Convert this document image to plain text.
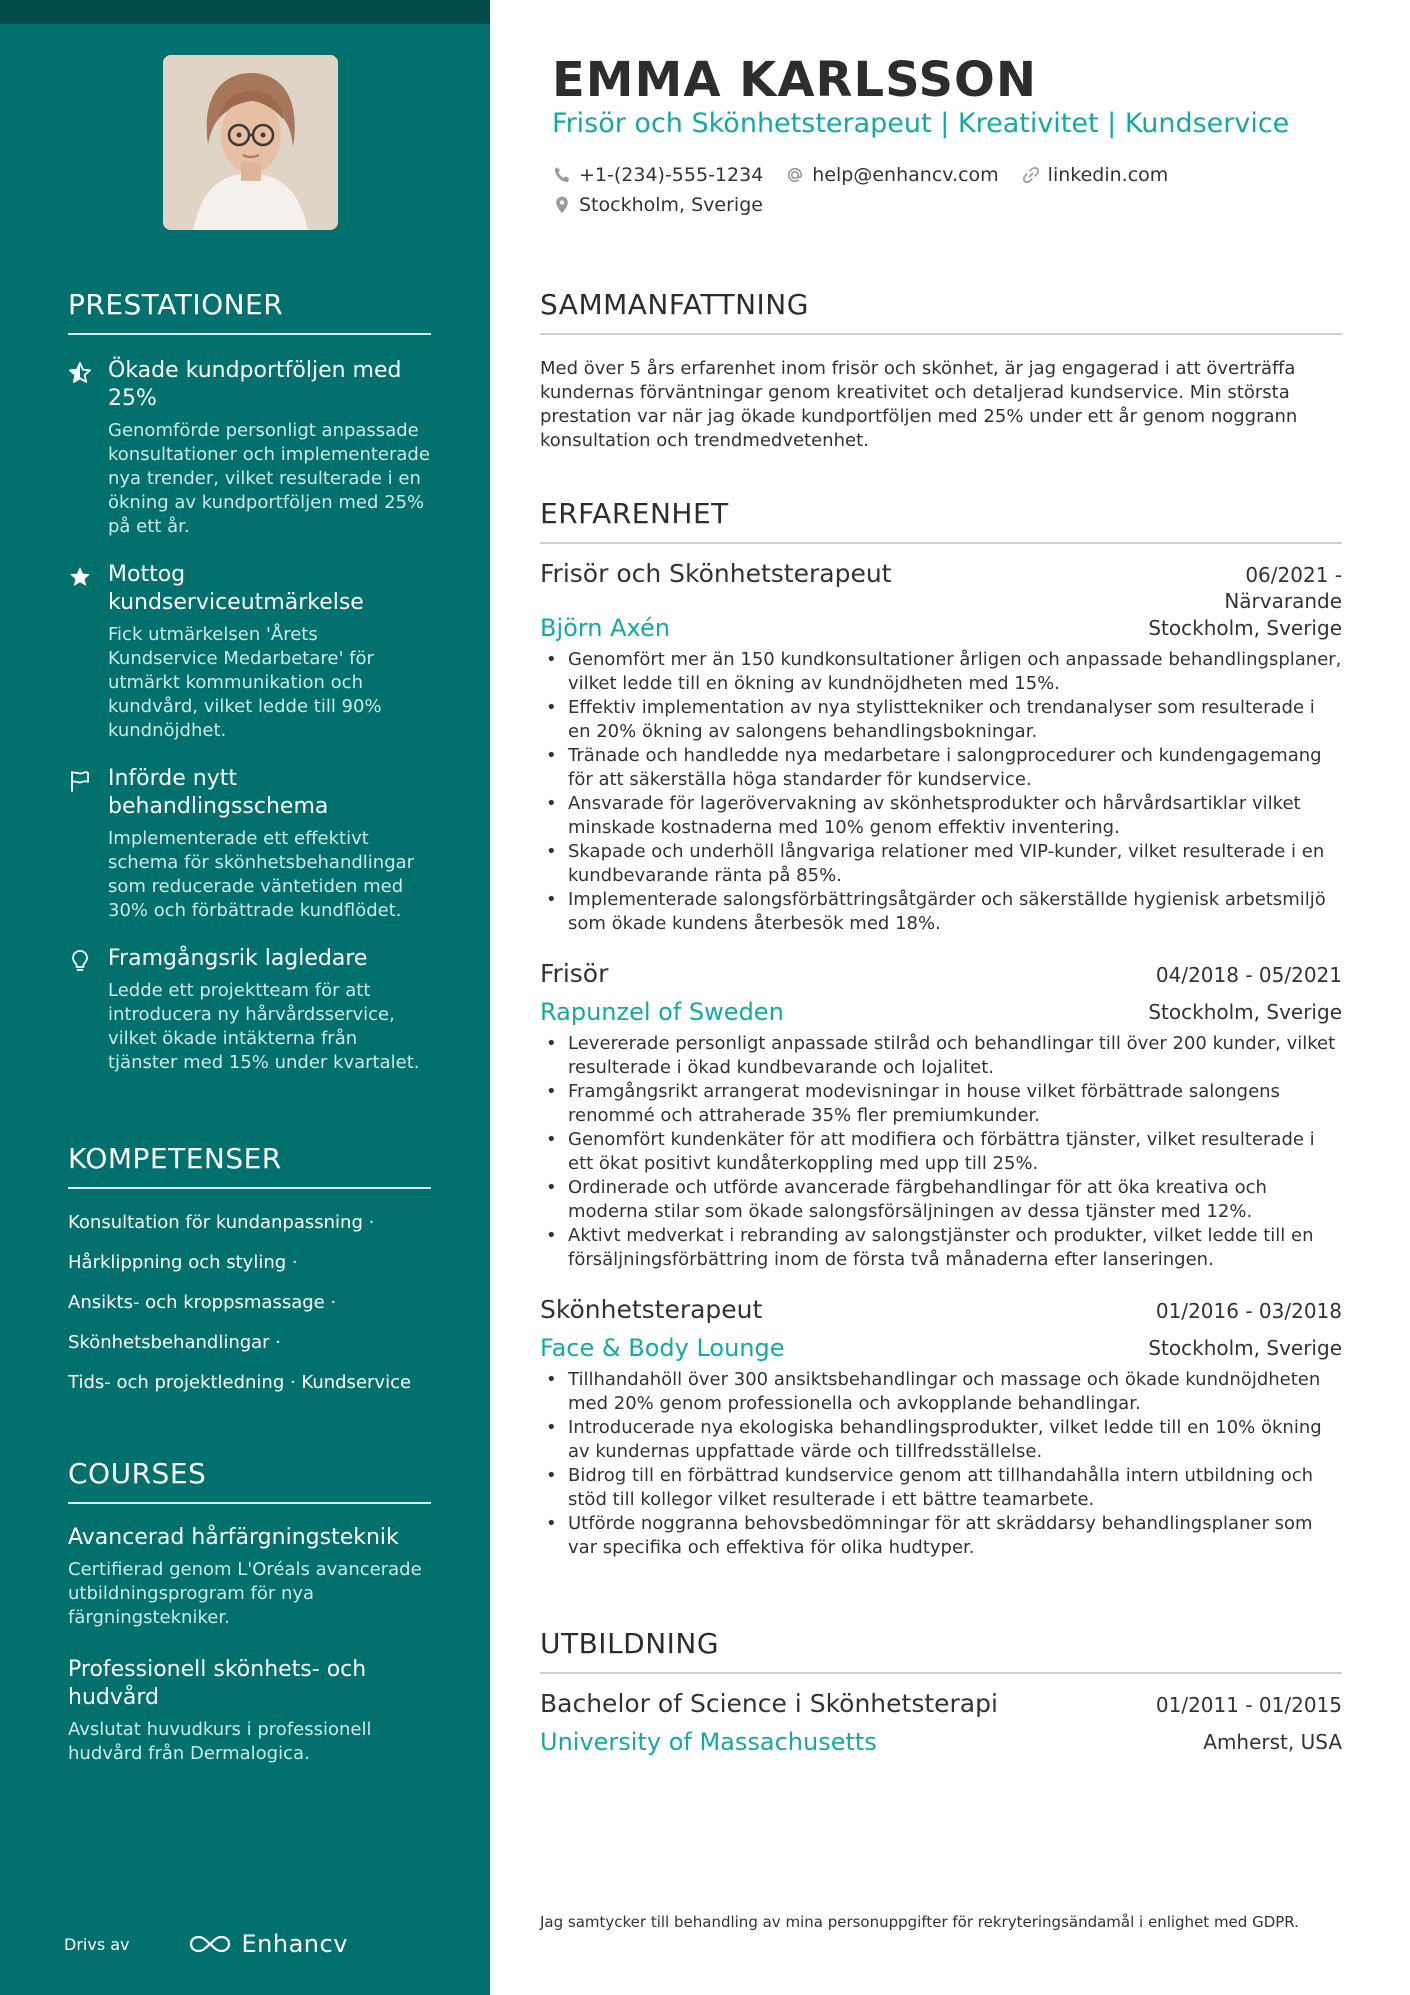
PRESTATIONER
Ökade kundportföljen med 25%
Genomförde personligt anpassade konsultationer och implementerade nya trender, vilket resulterade i en ökning av kundportföljen med 25% på ett år.
Mottog kundserviceutmärkelse
Fick utmärkelsen 'Årets Kundservice Medarbetare' för utmärkt kommunikation och kundvård, vilket ledde till 90% kundnöjdhet.
Införde nytt behandlingsschema
Implementerade ett effektivt schema för skönhetsbehandlingar som reducerade väntetiden med 30% och förbättrade kundflödet.
Framgångsrik lagledare
Ledde ett projektteam för att introducera ny hårvårdsservice, vilket ökade intäkterna från tjänster med 15% under kvartalet.
KOMPETENSER
Konsultation för kundanpassning ·
Hårklippning och styling ·
Ansikts- och kroppsmassage ·
Skönhetsbehandlingar ·
Tids- och projektledning · Kundservice
COURSES
Avancerad hårfärgningsteknik
Certifierad genom L'Oréals avancerade utbildningsprogram för nya färgningstekniker.
Professionell skönhets- och hudvård
Avslutat huvudkurs i professionell hudvård från Dermalogica.
Drivs av	Enhancv
EMMA KARLSSON
Frisör och Skönhetsterapeut | Kreativitet | Kundservice
+1-(234)-555-1234	help@enhancv.com	linkedin.com
Stockholm, Sverige
SAMMANFATTNING

Med över 5 års erfarenhet inom frisör och skönhet, är jag engagerad i att överträffa kundernas förväntningar genom kreativitet och detaljerad kundservice. Min största prestation var när jag ökade kundportföljen med 25% under ett år genom noggrann konsultation och trendmedvetenhet.

ERFARENHET
Frisör och Skönhetsterapeut	06/2021 -
Närvarande
Björn Axén	Stockholm, Sverige
• Genomfört mer än 150 kundkonsultationer årligen och anpassade behandlingsplaner, vilket ledde till en ökning av kundnöjdheten med 15%.
• Effektiv implementation av nya stylisttekniker och trendanalyser som resulterade i en 20% ökning av salongens behandlingsbokningar.
• Tränade och handledde nya medarbetare i salongprocedurer och kundengagemang för att säkerställa höga standarder för kundservice.
• Ansvarade för lagerövervakning av skönhetsprodukter och hårvårdsartiklar vilket minskade kostnaderna med 10% genom effektiv inventering.
• Skapade och underhöll långvariga relationer med VIP-kunder, vilket resulterade i en kundbevarande ränta på 85%.
• Implementerade salongsförbättringsåtgärder och säkerställde hygienisk arbetsmiljö som ökade kundens återbesök med 18%.
Frisör	04/2018 - 05/2021
Rapunzel of Sweden	Stockholm, Sverige
• Levererade personligt anpassade stilråd och behandlingar till över 200 kunder, vilket resulterade i ökad kundbevarande och lojalitet.
• Framgångsrikt arrangerat modevisningar in house vilket förbättrade salongens renommé och attraherade 35% fler premiumkunder.
• Genomfört kundenkäter för att modifiera och förbättra tjänster, vilket resulterade i ett ökat positivt kundåterkoppling med upp till 25%.
• Ordinerade och utförde avancerade färgbehandlingar för att öka kreativa och moderna stilar som ökade salongsförsäljningen av dessa tjänster med 12%.
• Aktivt medverkat i rebranding av salongstjänster och produkter, vilket ledde till en försäljningsförbättring inom de första två månaderna efter lanseringen.
Skönhetsterapeut	01/2016 - 03/2018
Face & Body Lounge	Stockholm, Sverige
• Tillhandahöll över 300 ansiktsbehandlingar och massage och ökade kundnöjdheten med 20% genom professionella och avkopplande behandlingar.
• Introducerade nya ekologiska behandlingsprodukter, vilket ledde till en 10% ökning av kundernas uppfattade värde och tillfredsställelse.
• Bidrog till en förbättrad kundservice genom att tillhandahålla intern utbildning och stöd till kollegor vilket resulterade i ett bättre teamarbete.
• Utförde noggranna behovsbedömningar för att skräddarsy behandlingsplaner som var specifika och effektiva för olika hudtyper.
UTBILDNING
Bachelor of Science i Skönhetsterapi	01/2011 - 01/2015
University of Massachusetts	Amherst, USA
Jag samtycker till behandling av mina personuppgifter för rekryteringsändamål i enlighet med GDPR.
